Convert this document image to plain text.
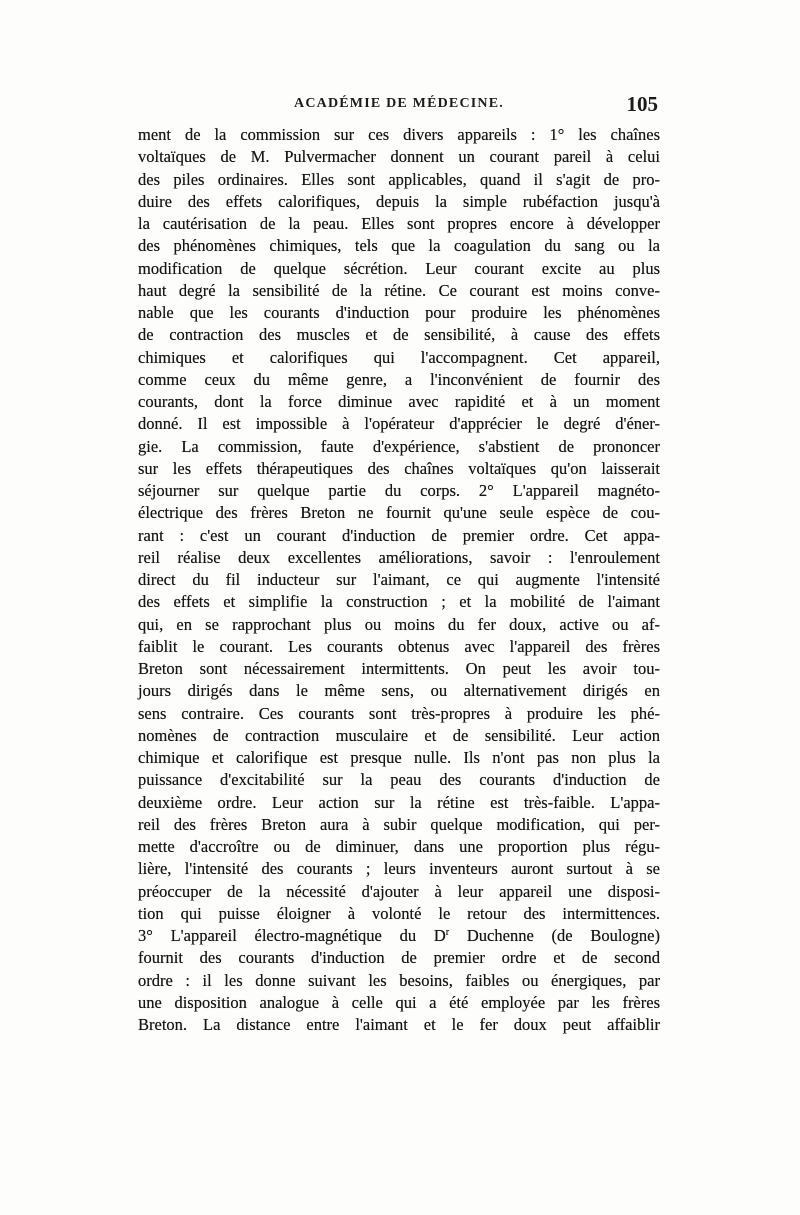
ACADÉMIE DE MÉDECINE.	105
ment de la commission sur ces divers appareils : 1° les chaînes
voltaïques de M. Pulvermacher donnent un courant pareil à celui
des piles ordinaires. Elles sont applicables, quand il s'agit de pro-
duire des effets calorifiques, depuis la simple rubéfaction jusqu'à
la cautérisation de la peau. Elles sont propres encore à développer
des phénomènes chimiques, tels que la coagulation du sang ou la
modification de quelque sécrétion. Leur courant excite au plus
haut degré la sensibilité de la rétine. Ce courant est moins conve-
nable que les courants d'induction pour produire les phénomènes
de contraction des muscles et de sensibilité, à cause des effets
chimiques et calorifiques qui l'accompagnent. Cet appareil,
comme ceux du même genre, a l'inconvénient de fournir des
courants, dont la force diminue avec rapidité et à un moment
donné. Il est impossible à l'opérateur d'apprécier le degré d'éner-
gie. La commission, faute d'expérience, s'abstient de prononcer
sur les effets thérapeutiques des chaînes voltaïques qu'on laisserait
séjourner sur quelque partie du corps. 2° L'appareil magnéto-
électrique des frères Breton ne fournit qu'une seule espèce de cou-
rant : c'est un courant d'induction de premier ordre. Cet appa-
reil réalise deux excellentes améliorations, savoir : l'enroulement
direct du fil inducteur sur l'aimant, ce qui augmente l'intensité
des effets et simplifie la construction ; et la mobilité de l'aimant
qui, en se rapprochant plus ou moins du fer doux, active ou af-
faiblit le courant. Les courants obtenus avec l'appareil des frères
Breton sont nécessairement intermittents. On peut les avoir tou-
jours dirigés dans le même sens, ou alternativement dirigés en
sens contraire. Ces courants sont très-propres à produire les phé-
nomènes de contraction musculaire et de sensibilité. Leur action
chimique et calorifique est presque nulle. Ils n'ont pas non plus la
puissance d'excitabilité sur la peau des courants d'induction de
deuxième ordre. Leur action sur la rétine est très-faible. L'appa-
reil des frères Breton aura à subir quelque modification, qui per-
mette d'accroître ou de diminuer, dans une proportion plus régu-
lière, l'intensité des courants ; leurs inventeurs auront surtout à se
préoccuper de la nécessité d'ajouter à leur appareil une disposi-
tion qui puisse éloigner à volonté le retour des intermittences.
3° L'appareil électro-magnétique du $D^r$ Duchenne (de Boulogne)
fournit des courants d'induction de premier ordre et de second
ordre : il les donne suivant les besoins, faibles ou énergiques, par
une disposition analogue à celle qui a été employée par les frères
Breton. La distance entre l'aimant et le fer doux peut affaiblir
